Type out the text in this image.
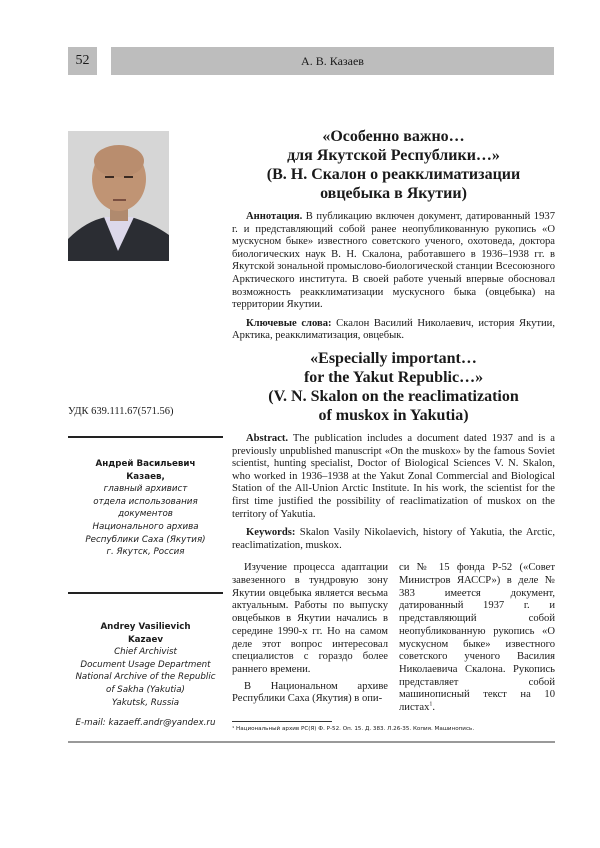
52	А. В. Казаев
«Особенно важно…
для Якутской Республики…»
(В. Н. Скалон о реакклиматизации
овцебыка в Якутии)

Аннотация. В публикацию включен документ, датированный 1937 г. и представляющий собой ранее неопубликованную рукопись «О мускусном быке» известного советского ученого, охотоведа, доктора биологических наук В. Н. Скалона, работавшего в 1936–1938 гг. в Якутской зональной промыслово-биологической станции Всесоюзного Арктического института. В своей работе ученый впервые обосновал возможность реакклиматизации мускусного быка (овцебыка) на территории Якутии.

Ключевые слова: Скалон Василий Николаевич, история Якутии, Арктика, реакклиматизация, овцебык.

«Especially important…
for the Yakut Republic…»
(V. N. Skalon on the reaclimatization
of muskox in Yakutia)

Abstract. The publication includes a document dated 1937 and is a previously unpublished manuscript «On the muskox» by the famous Soviet scientist, hunting specialist, Doctor of Biological Sciences V. N. Skalon, who worked in 1936–1938 at the Yakut Zonal Commercial and Biological Station of the All-Union Arctic Institute. In his work, the scientist for the first time justified the possibility of reaclimatization of muskox on the territory of Yakutia.

Keywords: Skalon Vasily Nikolaevich, history of Yakutia, the Arctic, reaclimatization, muskox.

Изучение процесса адаптации завезенного в тундровую зону Якутии овцебыка является весьма актуальным. Работы по выпуску овцебыков в Якутии начались в середине 1990-х гг. Но на самом деле этот вопрос интересовал специалистов с гораздо более раннего времени.

В Национальном архиве Республики Саха (Якутия) в опи-

си № 15 фонда Р-52 («Совет Министров ЯАССР») в деле № 383 имеется документ, датированный 1937 г. и представляющий собой неопубликованную рукопись «О мускусном быке» известного советского ученого Василия Николаевича Скалона. Рукопись представляет собой машинописный текст на 10 листах1.
¹ Национальный архив РС(Я) Ф. Р-52. Оп. 15. Д. 383. Л.26-35. Копия. Машинопись.
УДК 639.111.67(571.56)
Андрей Васильевич
Казаев,
главный архивист
отдела использования
документов
Национального архива
Республики Саха (Якутия)
г. Якутск, Россия
Andrey Vasilievich
Kazaev
Chief Archivist
Document Usage Department
National Archive of the Republic
of Sakha (Yakutia)
Yakutsk, Russia
E-mail: kazaeff.andr@yandex.ru
